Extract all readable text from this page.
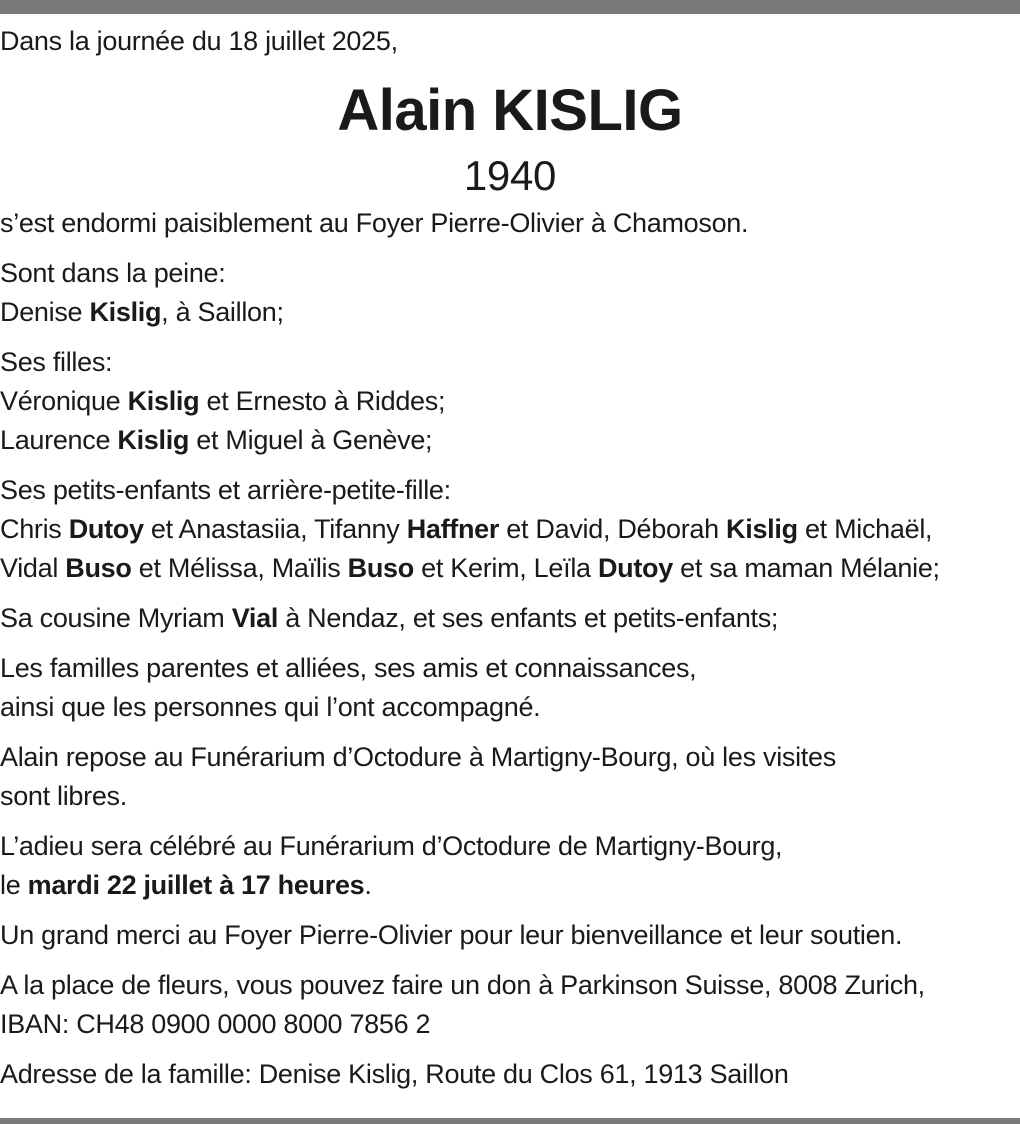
Dans la journée du 18 juillet 2025,

Alain KISLIG

1940

s’est endormi paisiblement au Foyer Pierre-Olivier à Chamoson.

Sont dans la peine:

Denise Kislig, à Saillon;

Ses filles:

Véronique Kislig et Ernesto à Riddes;

Laurence Kislig et Miguel à Genève;

Ses petits-enfants et arrière-petite-fille:

Chris Dutoy et Anastasiia, Tifanny Haffner et David, Déborah Kislig et Michaël,

Vidal Buso et Mélissa, Maïlis Buso et Kerim, Leïla Dutoy et sa maman Mélanie;

Sa cousine Myriam Vial à Nendaz, et ses enfants et petits-enfants;

Les familles parentes et alliées, ses amis et connaissances,

ainsi que les personnes qui l’ont accompagné.

Alain repose au Funérarium d’Octodure à Martigny-Bourg, où les visites

sont libres.

L’adieu sera célébré au Funérarium d’Octodure de Martigny-Bourg,

le mardi 22 juillet à 17 heures.

Un grand merci au Foyer Pierre-Olivier pour leur bienveillance et leur soutien.

A la place de fleurs, vous pouvez faire un don à Parkinson Suisse, 8008 Zurich,

IBAN: CH48 0900 0000 8000 7856 2

Adresse de la famille: Denise Kislig, Route du Clos 61, 1913 Saillon
